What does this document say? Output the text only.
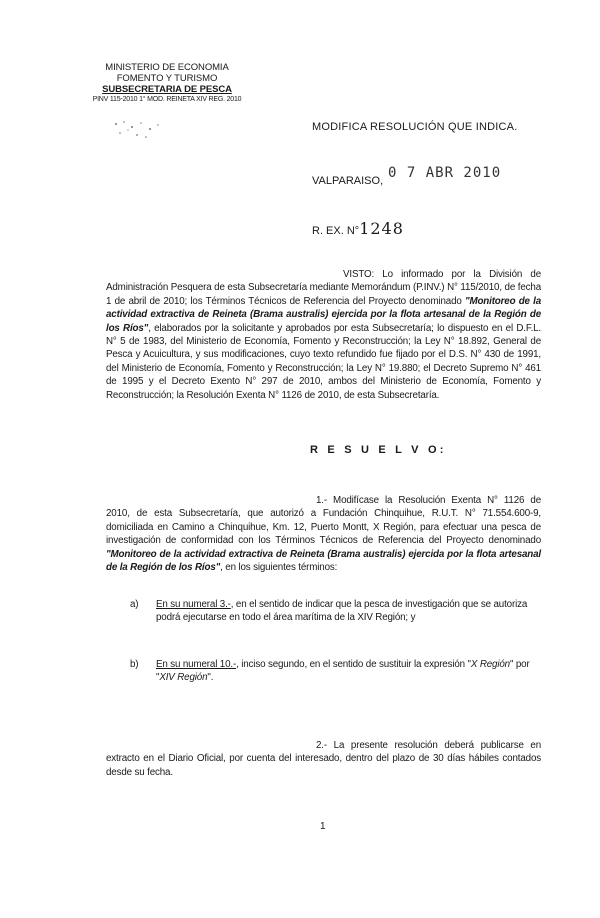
MINISTERIO DE ECONOMIA
FOMENTO Y TURISMO
SUBSECRETARIA DE PESCA
PINV 115-2010 1° MOD. REINETA XIV REG. 2010
MODIFICA RESOLUCIÓN QUE INDICA.
VALPARAISO, 0 7 ABR 2010
R. EX. N°1248
VISTO: Lo informado por la División de Administración Pesquera de esta Subsecretaría mediante Memorándum (P.INV.) N° 115/2010, de fecha 1 de abril de 2010; los Términos Técnicos de Referencia del Proyecto denominado "Monitoreo de la actividad extractiva de Reineta (Brama australis) ejercida por la flota artesanal de la Región de los Ríos", elaborados por la solicitante y aprobados por esta Subsecretaría; lo dispuesto en el D.F.L. N° 5 de 1983, del Ministerio de Economía, Fomento y Reconstrucción; la Ley N° 18.892, General de Pesca y Acuicultura, y sus modificaciones, cuyo texto refundido fue fijado por el D.S. N° 430 de 1991, del Ministerio de Economía, Fomento y Reconstrucción; la Ley N° 19.880; el Decreto Supremo N° 461 de 1995 y el Decreto Exento N° 297 de 2010, ambos del Ministerio de Economía, Fomento y Reconstrucción; la Resolución Exenta N° 1126 de 2010, de esta Subsecretaría.
R E S U E L V O:
1.- Modifícase la Resolución Exenta N° 1126 de 2010, de esta Subsecretaría, que autorizó a Fundación Chinquihue, R.U.T. N° 71.554.600-9, domiciliada en Camino a Chinquihue, Km. 12, Puerto Montt, X Región, para efectuar una pesca de investigación de conformidad con los Términos Técnicos de Referencia del Proyecto denominado "Monitoreo de la actividad extractiva de Reineta (Brama australis) ejercida por la flota artesanal de la Región de los Ríos", en los siguientes términos:
a) En su numeral 3.-, en el sentido de indicar que la pesca de investigación que se autoriza podrá ejecutarse en todo el área marítima de la XIV Región; y
b) En su numeral 10.-, inciso segundo, en el sentido de sustituir la expresión "X Región" por "XIV Región".
2.- La presente resolución deberá publicarse en extracto en el Diario Oficial, por cuenta del interesado, dentro del plazo de 30 días hábiles contados desde su fecha.
1
